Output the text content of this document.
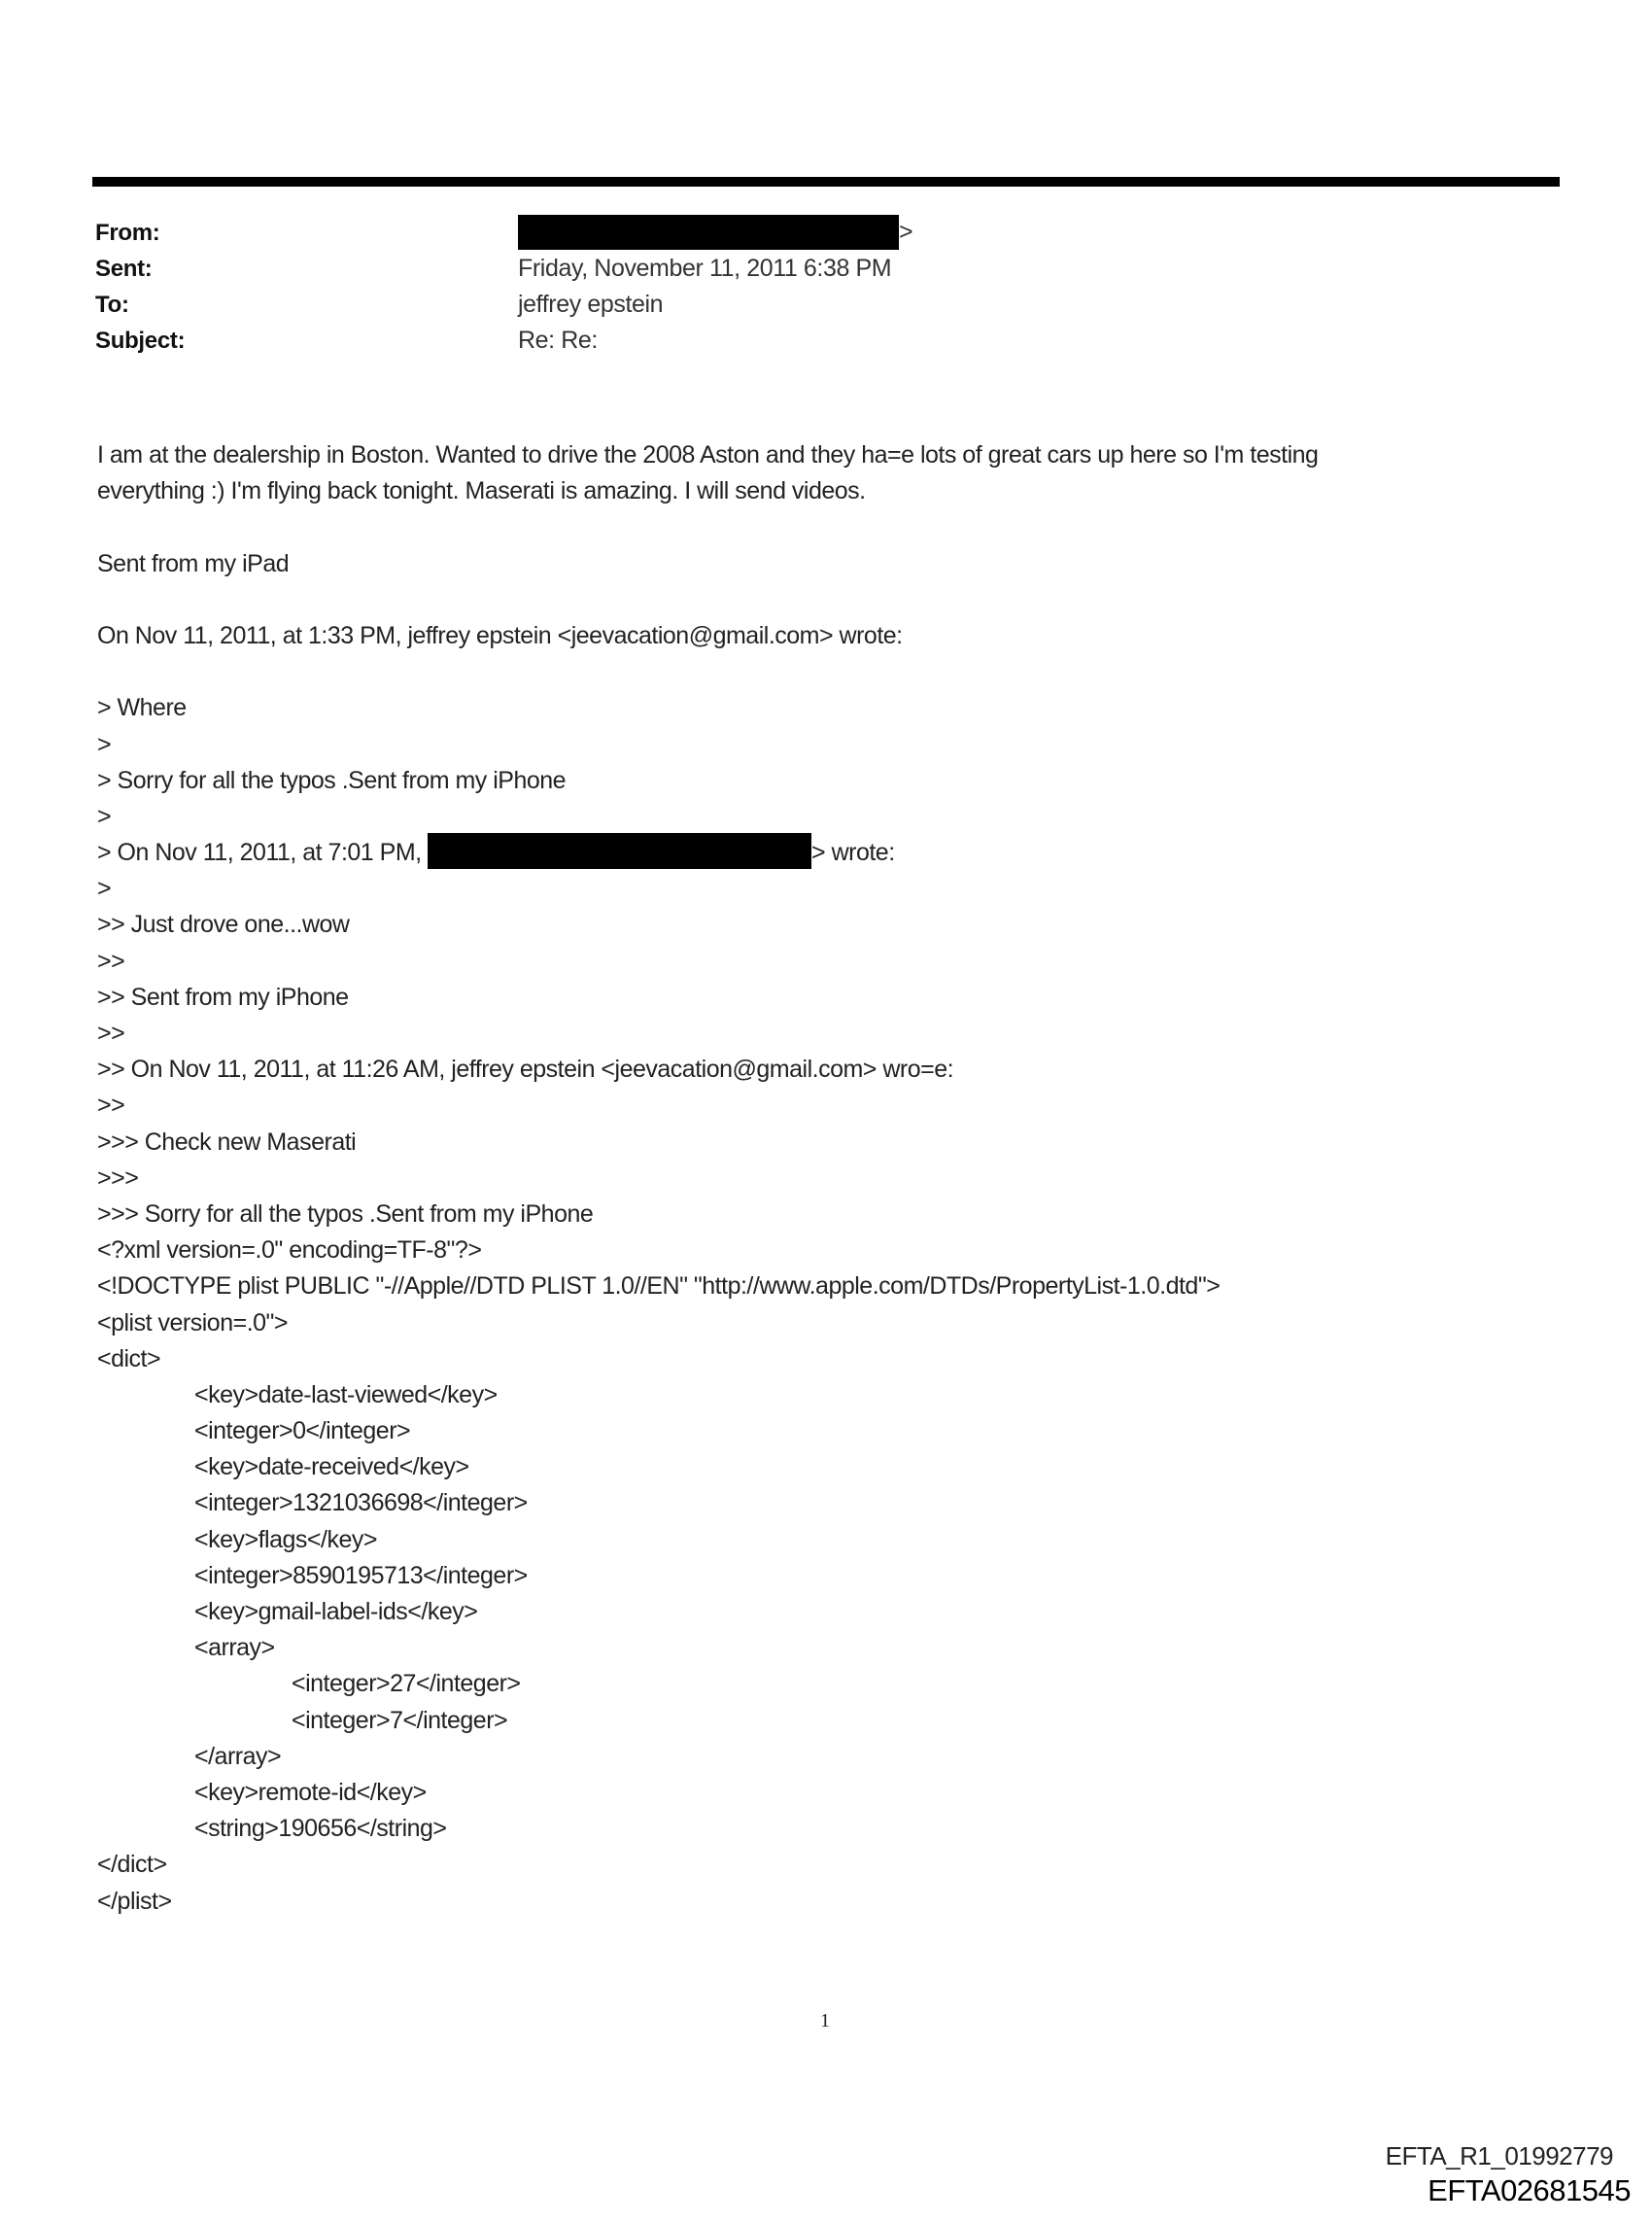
From:	>
Sent:	Friday, November 11, 2011 6:38 PM
To:	jeffrey epstein
Subject:	Re: Re:
I am at the dealership in Boston. Wanted to drive the 2008 Aston and they ha=e lots of great cars up here so I'm testing
everything :) I'm flying back tonight. Maserati is amazing. I will send videos.
Sent from my iPad
On Nov 11, 2011, at 1:33 PM, jeffrey epstein <jeevacation@gmail.com> wrote:
> Where
>
> Sorry for all the typos .Sent from my iPhone
>
> On Nov 11, 2011, at 7:01 PM,	> wrote:
>
>> Just drove one...wow
>>
>> Sent from my iPhone
>>
>> On Nov 11, 2011, at 11:26 AM, jeffrey epstein <jeevacation@gmail.com> wro=e:
>>
>>> Check new Maserati
>>>
>>> Sorry for all the typos .Sent from my iPhone
<?xml version=.0" encoding=TF-8"?>
<!DOCTYPE plist PUBLIC "-//Apple//DTD PLIST 1.0//EN" "http://www.apple.com/DTDs/PropertyList-1.0.dtd">
<plist version=.0">
<dict>
<key>date-last-viewed</key>
<integer>0</integer>
<key>date-received</key>
<integer>1321036698</integer>
<key>flags</key>
<integer>8590195713</integer>
<key>gmail-label-ids</key>
<array>
<integer>27</integer>
<integer>7</integer>
</array>
<key>remote-id</key>
<string>190656</string>
</dict>
</plist>
1
EFTA_R1_01992779
EFTA02681545
